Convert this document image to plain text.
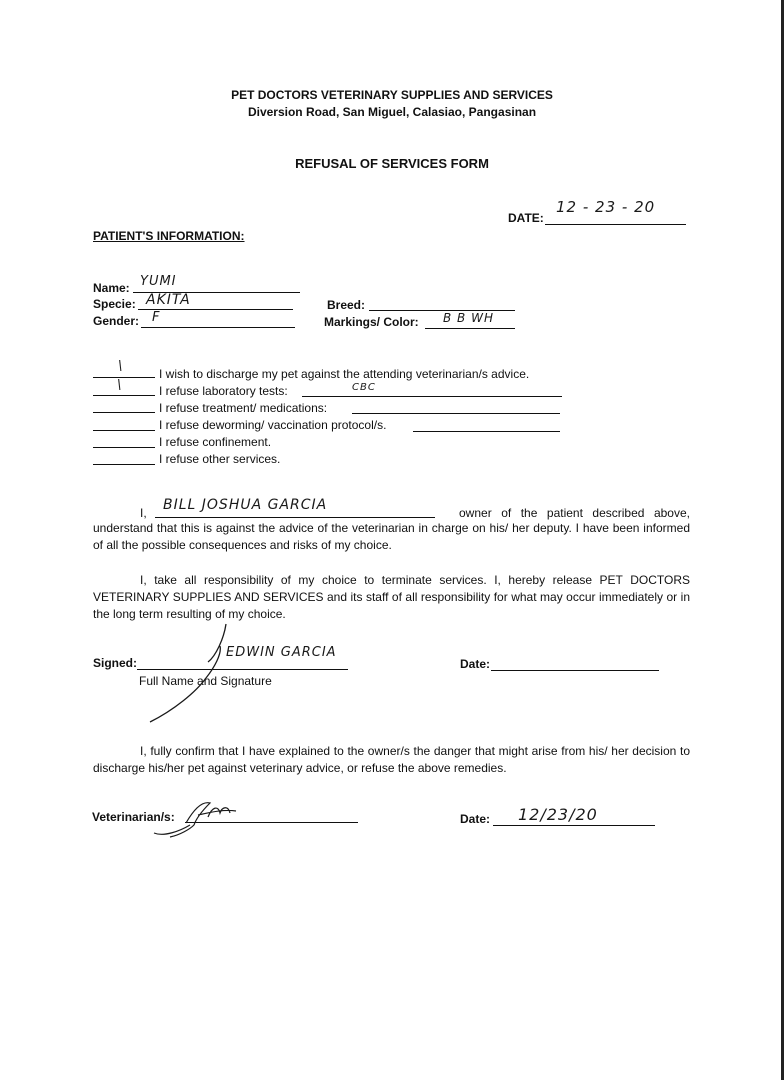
PET DOCTORS VETERINARY SUPPLIES AND SERVICES
Diversion Road, San Miguel, Calasiao, Pangasinan
REFUSAL OF SERVICES FORM
DATE:
12 - 23 - 20
PATIENT'S INFORMATION:
Name: YUMI
Specie: AKITA
Gender: F
Breed:
Markings/ Color: B B WH
\	I wish to discharge my pet against the attending veterinarian/s advice.
\	I refuse laboratory tests:	CBC
I refuse treatment/ medications:
I refuse deworming/ vaccination protocol/s.
I refuse confinement.
I refuse other services.
I, BILL JOSHUA GARCIA	owner of the patient described above,
understand that this is against the advice of the veterinarian in charge on his/ her deputy. I have been informed of all the possible consequences and risks of my choice.
I, take all responsibility of my choice to terminate services. I, hereby release PET DOCTORS VETERINARY SUPPLIES AND SERVICES and its staff of all responsibility for what may occur immediately or in the long term resulting of my choice.
Signed:
EDWIN GARCIA
Full Name and Signature
Date:
I, fully confirm that I have explained to the owner/s the danger that might arise from his/ her decision to discharge his/her pet against veterinary advice, or refuse the above remedies.
Veterinarian/s:	Date: 12/23/20
